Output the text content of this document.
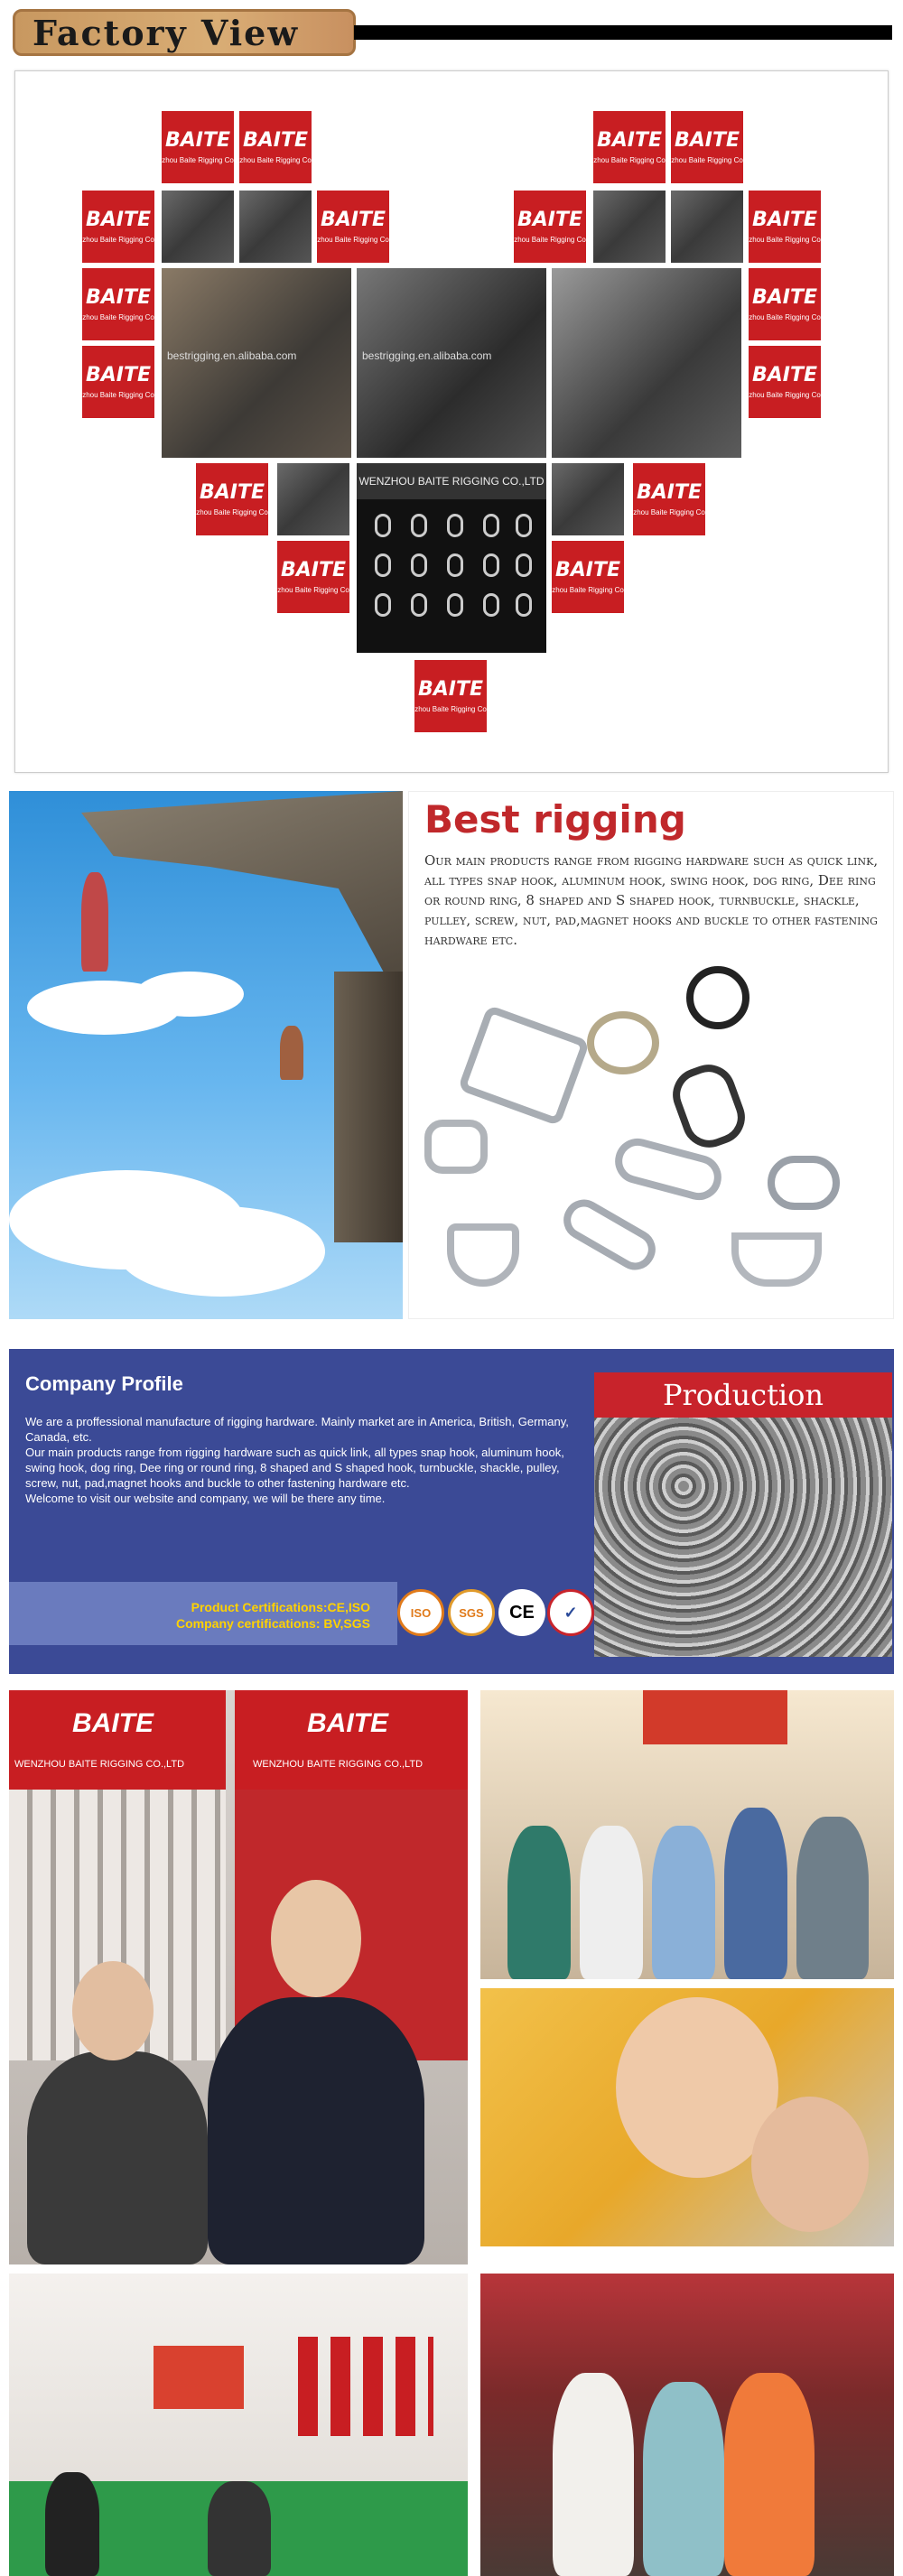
Factory View
BAITE
zhou Baite Rigging Co
BAITE
zhou Baite Rigging Co
BAITE
zhou Baite Rigging Co
BAITE
zhou Baite Rigging Co
BAITE
zhou Baite Rigging Co
BAITE
zhou Baite Rigging Co
BAITE
zhou Baite Rigging Co
BAITE
zhou Baite Rigging Co
BAITE
zhou Baite Rigging Co
BAITE
zhou Baite Rigging Co
BAITE
zhou Baite Rigging Co
BAITE
zhou Baite Rigging Co
bestrigging.en.alibaba.com	bestrigging.en.alibaba.com
BAITE
zhou Baite Rigging Co
WENZHOU BAITE RIGGING CO.,LTD	BAITE
zhou Baite Rigging Co
BAITE
zhou Baite Rigging Co
BAITE
zhou Baite Rigging Co
BAITE
zhou Baite Rigging Co
Best rigging
Our main products range from rigging hardware such as quick link, all types snap hook, aluminum hook, swing hook, dog ring, Dee ring or round ring, 8 shaped and S shaped hook, turnbuckle, shackle, pulley, screw, nut, pad,magnet hooks and buckle to other fastening hardware etc.
Company Profile

We are a proffessional manufacture of rigging hardware. Mainly market are in America, British, Germany, Canada, etc.

Our main products range from rigging hardware such as quick link, all types snap hook, aluminum hook, swing hook, dog ring, Dee ring or round ring, 8 shaped and S shaped hook, turnbuckle, shackle, pulley, screw, nut, pad,magnet hooks and buckle to other fastening hardware etc.

Welcome to visit our website and company, we will be there any time.

Product Certifications:CE,ISO
Company certifications: BV,SGS
ISO	SGS	CE	✓
Production
BAITE
WENZHOU BAITE RIGGING CO.,LTD
BAITE
WENZHOU BAITE RIGGING CO.,LTD
